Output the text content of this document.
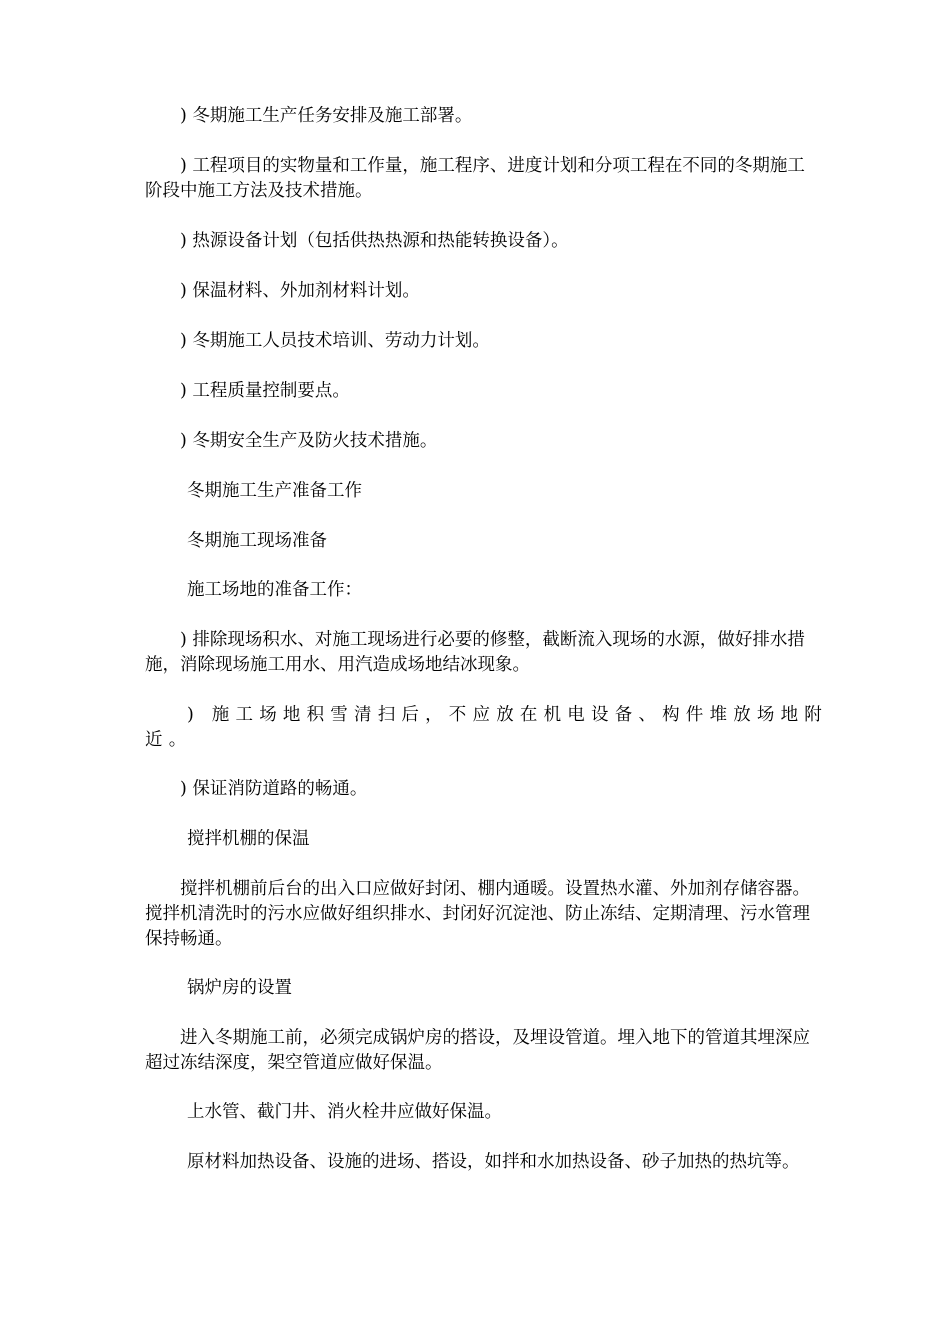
) 冬期施工生产任务安排及施工部署。

) 工程项目的实物量和工作量，施工程序、进度计划和分项工程在不同的冬期施工阶段中施工方法及技术措施。

) 热源设备计划（包括供热热源和热能转换设备）。

) 保温材料、外加剂材料计划。

) 冬期施工人员技术培训、劳动力计划。

) 工程质量控制要点。

) 冬期安全生产及防火技术措施。

冬期施工生产准备工作

冬期施工现场准备

施工场地的准备工作：

) 排除现场积水、对施工现场进行必要的修整，截断流入现场的水源，做好排水措施，消除现场施工用水、用汽造成场地结冰现象。

) 施工场地积雪清扫后，不应放在机电设备、构件堆放场地附近。

) 保证消防道路的畅通。

搅拌机棚的保温

搅拌机棚前后台的出入口应做好封闭、棚内通暖。设置热水灌、外加剂存储容器。搅拌机清洗时的污水应做好组织排水、封闭好沉淀池、防止冻结、定期清理、污水管理保持畅通。

锅炉房的设置

进入冬期施工前，必须完成锅炉房的搭设，及埋设管道。埋入地下的管道其埋深应超过冻结深度，架空管道应做好保温。

上水管、截门井、消火栓井应做好保温。

原材料加热设备、设施的进场、搭设，如拌和水加热设备、砂子加热的热坑等。
